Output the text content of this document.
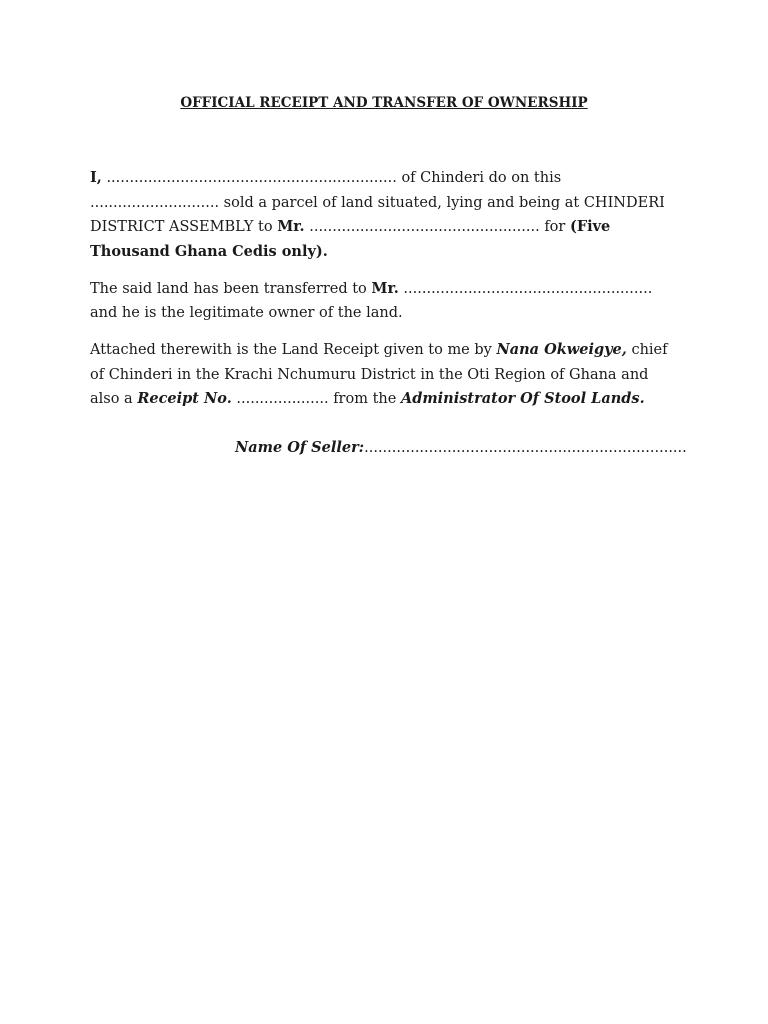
OFFICIAL RECEIPT AND TRANSFER OF OWNERSHIP

I, ............................................................... of Chinderi do on this ............................ sold a parcel of land situated, lying and being at CHINDERI DISTRICT ASSEMBLY to Mr. .................................................. for (Five Thousand Ghana Cedis only).

The said land has been transferred to Mr. ...................................................... and he is the legitimate owner of the land.

Attached therewith is the Land Receipt given to me by Nana Okweigye, chief of Chinderi in the Krachi Nchumuru District in the Oti Region of Ghana and also a Receipt No. .................... from the Administrator Of Stool Lands.

Name Of Seller:......................................................................
